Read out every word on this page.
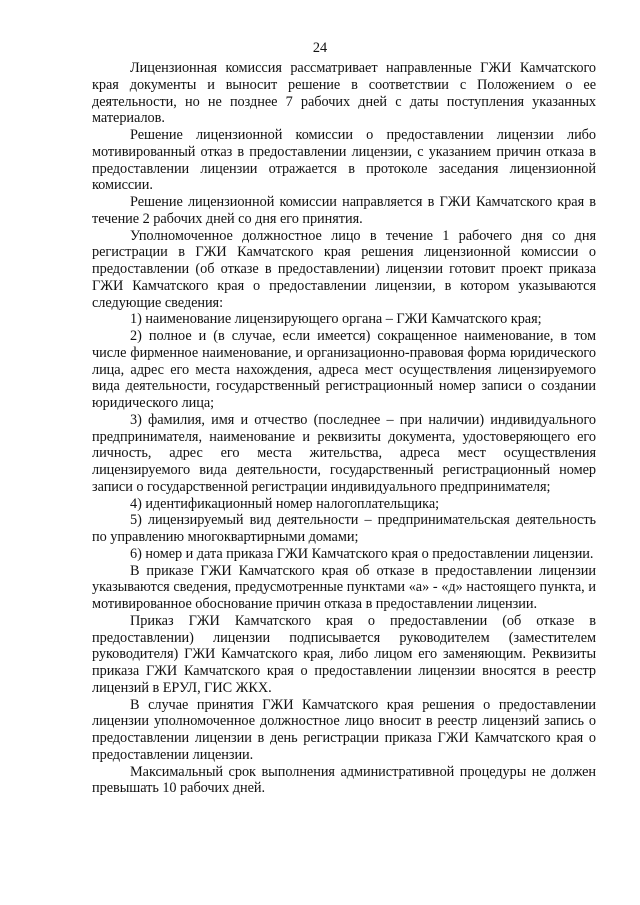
24

Лицензионная комиссия рассматривает направленные ГЖИ Камчатского края документы и выносит решение в соответствии с Положением о ее деятельности, но не позднее 7 рабочих дней с даты поступления указанных материалов.

Решение лицензионной комиссии о предоставлении лицензии либо мотивированный отказ в предоставлении лицензии, с указанием причин отказа в предоставлении лицензии отражается в протоколе заседания лицензионной комиссии.

Решение лицензионной комиссии направляется в ГЖИ Камчатского края в течение 2 рабочих дней со дня его принятия.

Уполномоченное должностное лицо в течение 1 рабочего дня со дня регистрации в ГЖИ Камчатского края решения лицензионной комиссии о предоставлении (об отказе в предоставлении) лицензии готовит проект приказа ГЖИ Камчатского края о предоставлении лицензии, в котором указываются следующие сведения:

1) наименование лицензирующего органа – ГЖИ Камчатского края;

2) полное и (в случае, если имеется) сокращенное наименование, в том числе фирменное наименование, и организационно-правовая форма юридического лица, адрес его места нахождения, адреса мест осуществления лицензируемого вида деятельности, государственный регистрационный номер записи о создании юридического лица;

3) фамилия, имя и отчество (последнее – при наличии) индивидуального предпринимателя, наименование и реквизиты документа, удостоверяющего его личность, адрес его места жительства, адреса мест осуществления лицензируемого вида деятельности, государственный регистрационный номер записи о государственной регистрации индивидуального предпринимателя;

4) идентификационный номер налогоплательщика;

5) лицензируемый вид деятельности – предпринимательская деятельность по управлению многоквартирными домами;

6) номер и дата приказа ГЖИ Камчатского края о предоставлении лицензии.

В приказе ГЖИ Камчатского края об отказе в предоставлении лицензии указываются сведения, предусмотренные пунктами «а» - «д» настоящего пункта, и мотивированное обоснование причин отказа в предоставлении лицензии.

Приказ ГЖИ Камчатского края о предоставлении (об отказе в предоставлении) лицензии подписывается руководителем (заместителем руководителя) ГЖИ Камчатского края, либо лицом его заменяющим. Реквизиты приказа ГЖИ Камчатского края о предоставлении лицензии вносятся в реестр лицензий в ЕРУЛ, ГИС ЖКХ.

В случае принятия ГЖИ Камчатского края решения о предоставлении лицензии уполномоченное должностное лицо вносит в реестр лицензий запись о предоставлении лицензии в день регистрации приказа ГЖИ Камчатского края о предоставлении лицензии.

Максимальный срок выполнения административной процедуры не должен превышать 10 рабочих дней.
